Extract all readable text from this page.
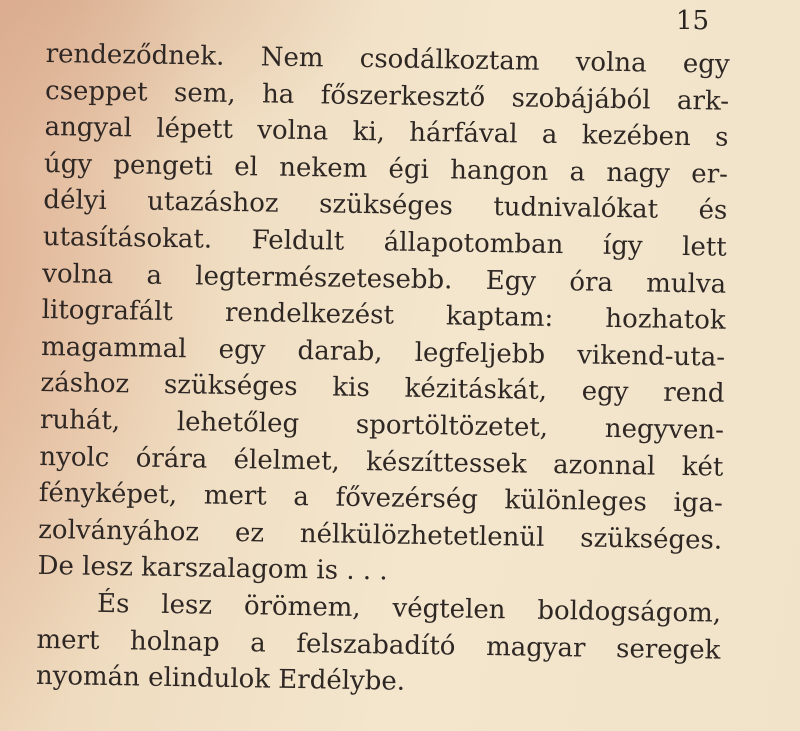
15
rendeződnek. Nem csodálkoztam volna egy
cseppet sem, ha főszerkesztő szobájából ark-
angyal lépett volna ki, hárfával a kezében s
úgy pengeti el nekem égi hangon a nagy er-
délyi utazáshoz szükséges tudnivalókat és
utasításokat. Feldult állapotomban így lett
volna a legtermészetesebb. Egy óra mulva
litografált rendelkezést kaptam: hozhatok
magammal egy darab, legfeljebb vikend-uta-
záshoz szükséges kis kézitáskát, egy rend
ruhát, lehetőleg sportöltözetet, negyven-
nyolc órára élelmet, készíttessek azonnal két
fényképet, mert a fővezérség különleges iga-
zolványához ez nélkülözhetetlenül szükséges.
De lesz karszalagom is . . .
És lesz örömem, végtelen boldogságom,
mert holnap a felszabadító magyar seregek
nyomán elindulok Erdélybe.
